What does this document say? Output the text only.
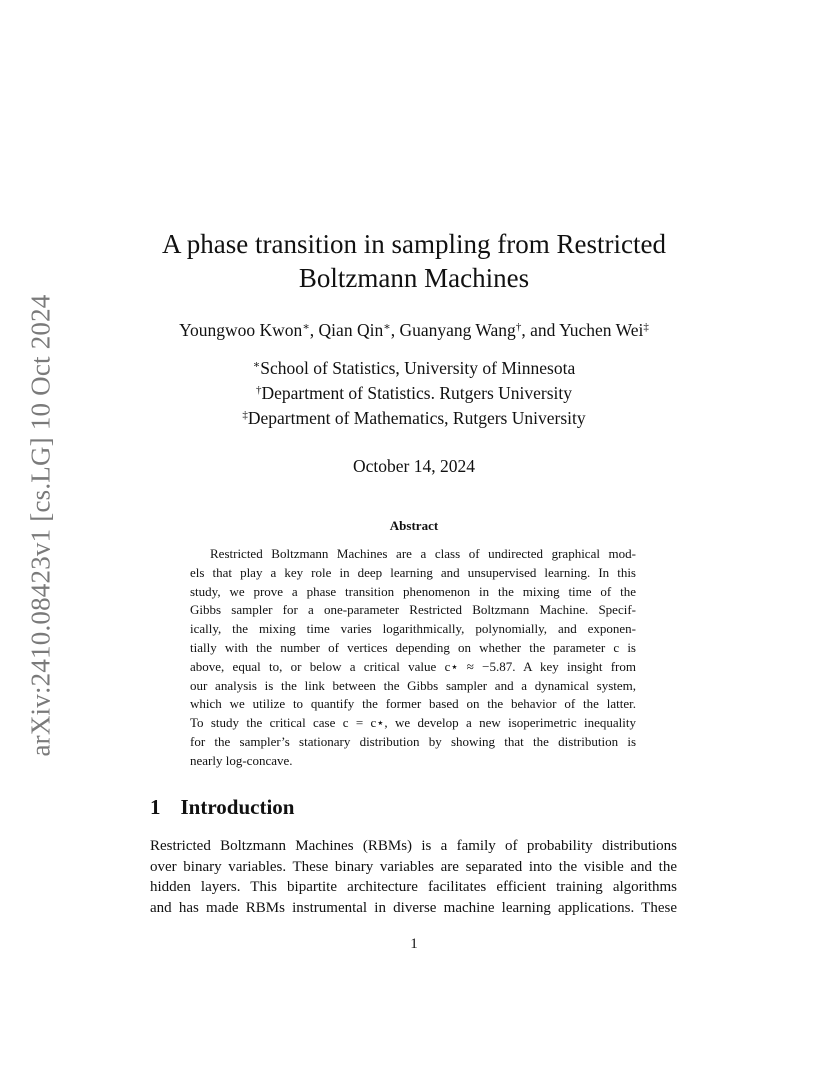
arXiv:2410.08423v1 [cs.LG] 10 Oct 2024
A phase transition in sampling from Restricted
Boltzmann Machines
Youngwoo Kwon∗, Qian Qin∗, Guanyang Wang†, and Yuchen Wei‡
∗School of Statistics, University of Minnesota
†Department of Statistics. Rutgers University
‡Department of Mathematics, Rutgers University
October 14, 2024
Abstract
Restricted Boltzmann Machines are a class of undirected graphical mod-
els that play a key role in deep learning and unsupervised learning. In this
study, we prove a phase transition phenomenon in the mixing time of the
Gibbs sampler for a one-parameter Restricted Boltzmann Machine. Specif-
ically, the mixing time varies logarithmically, polynomially, and exponen-
tially with the number of vertices depending on whether the parameter c is
above, equal to, or below a critical value c⋆ ≈ −5.87. A key insight from
our analysis is the link between the Gibbs sampler and a dynamical system,
which we utilize to quantify the former based on the behavior of the latter.
To study the critical case c = c⋆, we develop a new isoperimetric inequality
for the sampler’s stationary distribution by showing that the distribution is
nearly log-concave.
1 Introduction
Restricted Boltzmann Machines (RBMs) is a family of probability distributions
over binary variables. These binary variables are separated into the visible and the
hidden layers. This bipartite architecture facilitates efficient training algorithms
and has made RBMs instrumental in diverse machine learning applications. These
1
